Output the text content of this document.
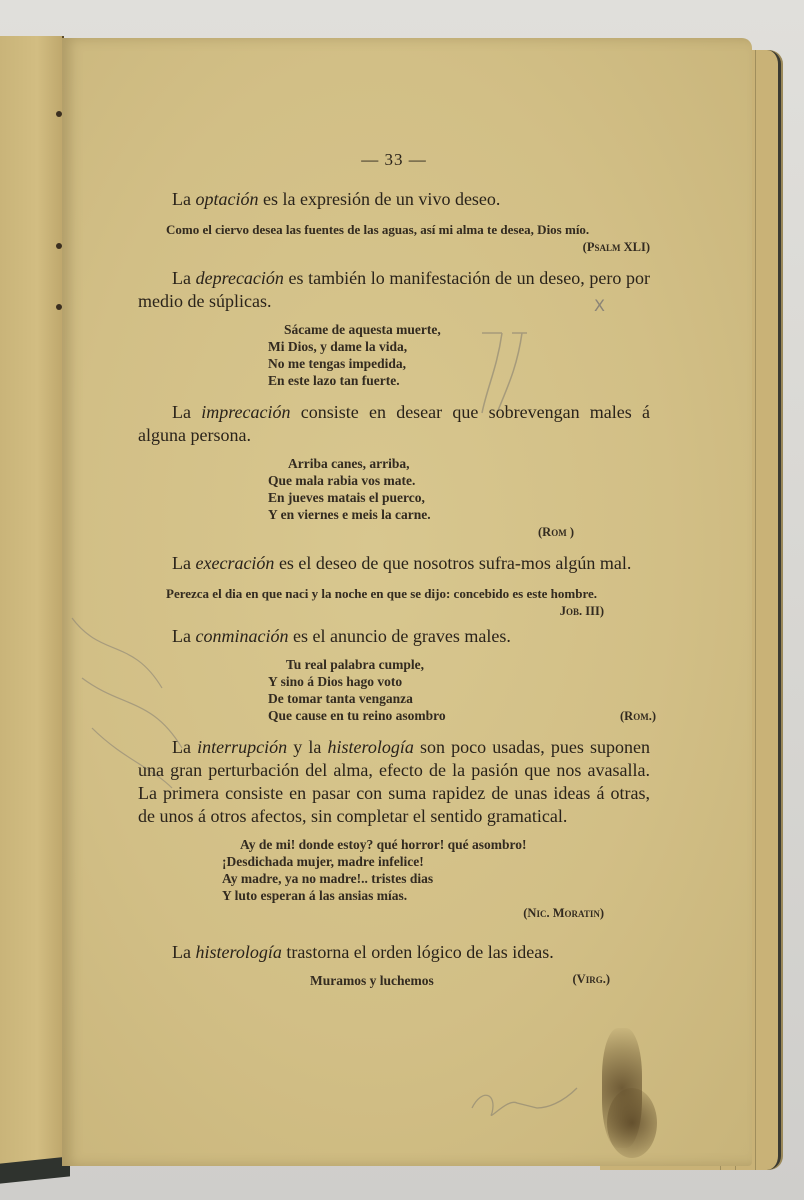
X
— 33 —

La optación es la expresión de un vivo deseo.

Como el ciervo desea las fuentes de las aguas, así mi alma te desea, Dios mío.

(Psalm XLI)

La deprecación es también lo manifestación de un deseo, pero por medio de súplicas.

Sácame de aquesta muerte,
Mi Dios, y dame la vida,
No me tengas impedida,
En este lazo tan fuerte.

La imprecación consiste en desear que sobrevengan males á alguna persona.

Arriba canes, arriba,
Que mala rabia vos mate.
En jueves matais el puerco,
Y en viernes e meis la carne.
(Rom )

La execración es el deseo de que nosotros sufra-mos algún mal.

Perezca el dia en que naci y la noche en que se dijo: concebido es este hombre.

Job. III)

La conminación es el anuncio de graves males.

Tu real palabra cumple,
Y sino á Dios hago voto
De tomar tanta venganza
Que cause en tu reino asombro	(Rom.)

La interrupción y la histerología son poco usadas, pues suponen una gran perturbación del alma, efecto de la pasión que nos avasalla. La primera consiste en pasar con suma rapidez de unas ideas á otras, de unos á otros afectos, sin completar el sentido gramatical.

Ay de mi! donde estoy? qué horror! qué asombro!
¡Desdichada mujer, madre infelice!
Ay madre, ya no madre!.. tristes dias
Y luto esperan á las ansias mías.
(Nic. Moratin)

La histerología trastorna el orden lógico de las ideas.

Muramos y luchemos	(Virg.)
